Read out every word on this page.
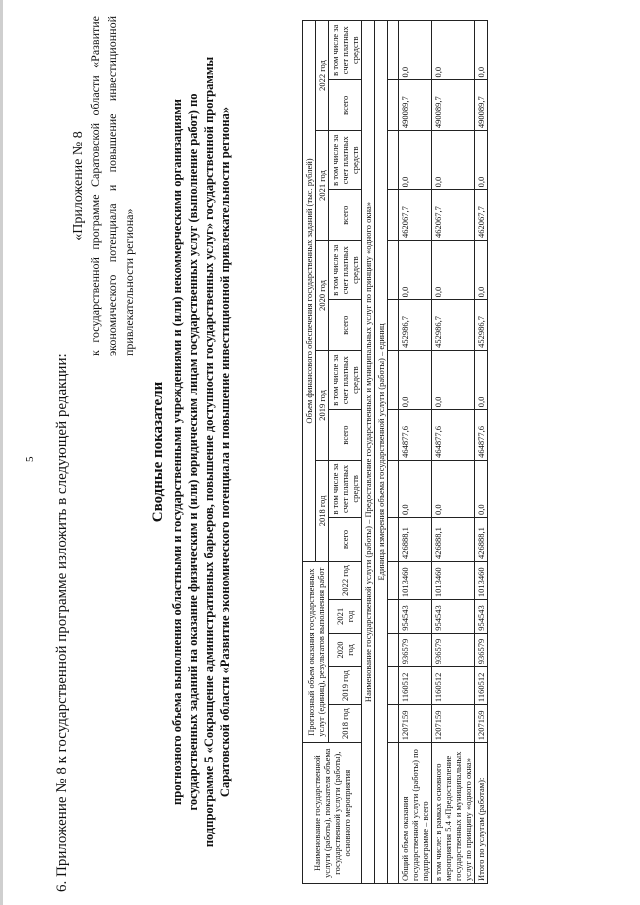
5 6. Приложение № 8 к государственной программе изложить в следующей редакции:
«Приложение № 8 к государственной программе Саратовской области «Развитие экономического потенциала и повышение инвестиционной привлекательности региона»
Сводные показатели прогнозного объема выполнения областными и государственными учреждениями и (или) некоммерческими организациями государственных заданий на оказание физическим и (или) юридическим лицам государственных услуг (выполнение работ) по подпрограмме 5 «Сокращение административных барьеров, повышение доступности государственных услуг» государственной программы Саратовской области «Развитие экономического потенциала и повышение инвестиционной привлекательности региона»
Наименование государственной услуги (работы), показателя объема государственной услуги (работы), основного мероприятия	Прогнозный объем оказания государственных услуг (единиц), результатов выполнения работ					Объем финансового обеспечения государственных заданий (тыс. рублей)									
						2018 год		2019 год		2020 год		2021 год		2022 год	
	2018 год	2019 год	2020 год	2021 год	2022 год	всего	в том числе за счет платных средств	всего	в том числе за счет платных средств	всего	в том числе за счет платных средств	всего	в том числе за счет платных средств	всего	в том числе за счет платных средств
Наименование государственной услуги (работы) – Предоставление государственных и муниципальных услуг по принципу «одного окна»															
Единица измерения объема государственной услуги (работы) – единиц															

Общий объем оказания государственной услуги (работы) по подпрограмме – всего	1207159	1160512	936579	954543	1013460	426888,1	0,0	464877,6	0,0	452986,7	0,0	462067,7	0,0	490089,7	0,0
в том числе: в рамках основного мероприятия 5.4 «Предоставление государственных и муниципальных услуг по принципу «одного окна»	1207159	1160512	936579	954543	1013460	426888,1	0,0	464877,6	0,0	452986,7	0,0	462067,7	0,0	490089,7	0,0
Итого по услугам (работам):	1207159	1160512	936579	954543	1013460	426888,1	0,0	464877,6	0,0	452986,7	0,0	462067,7	0,0	490089,7	0,0
